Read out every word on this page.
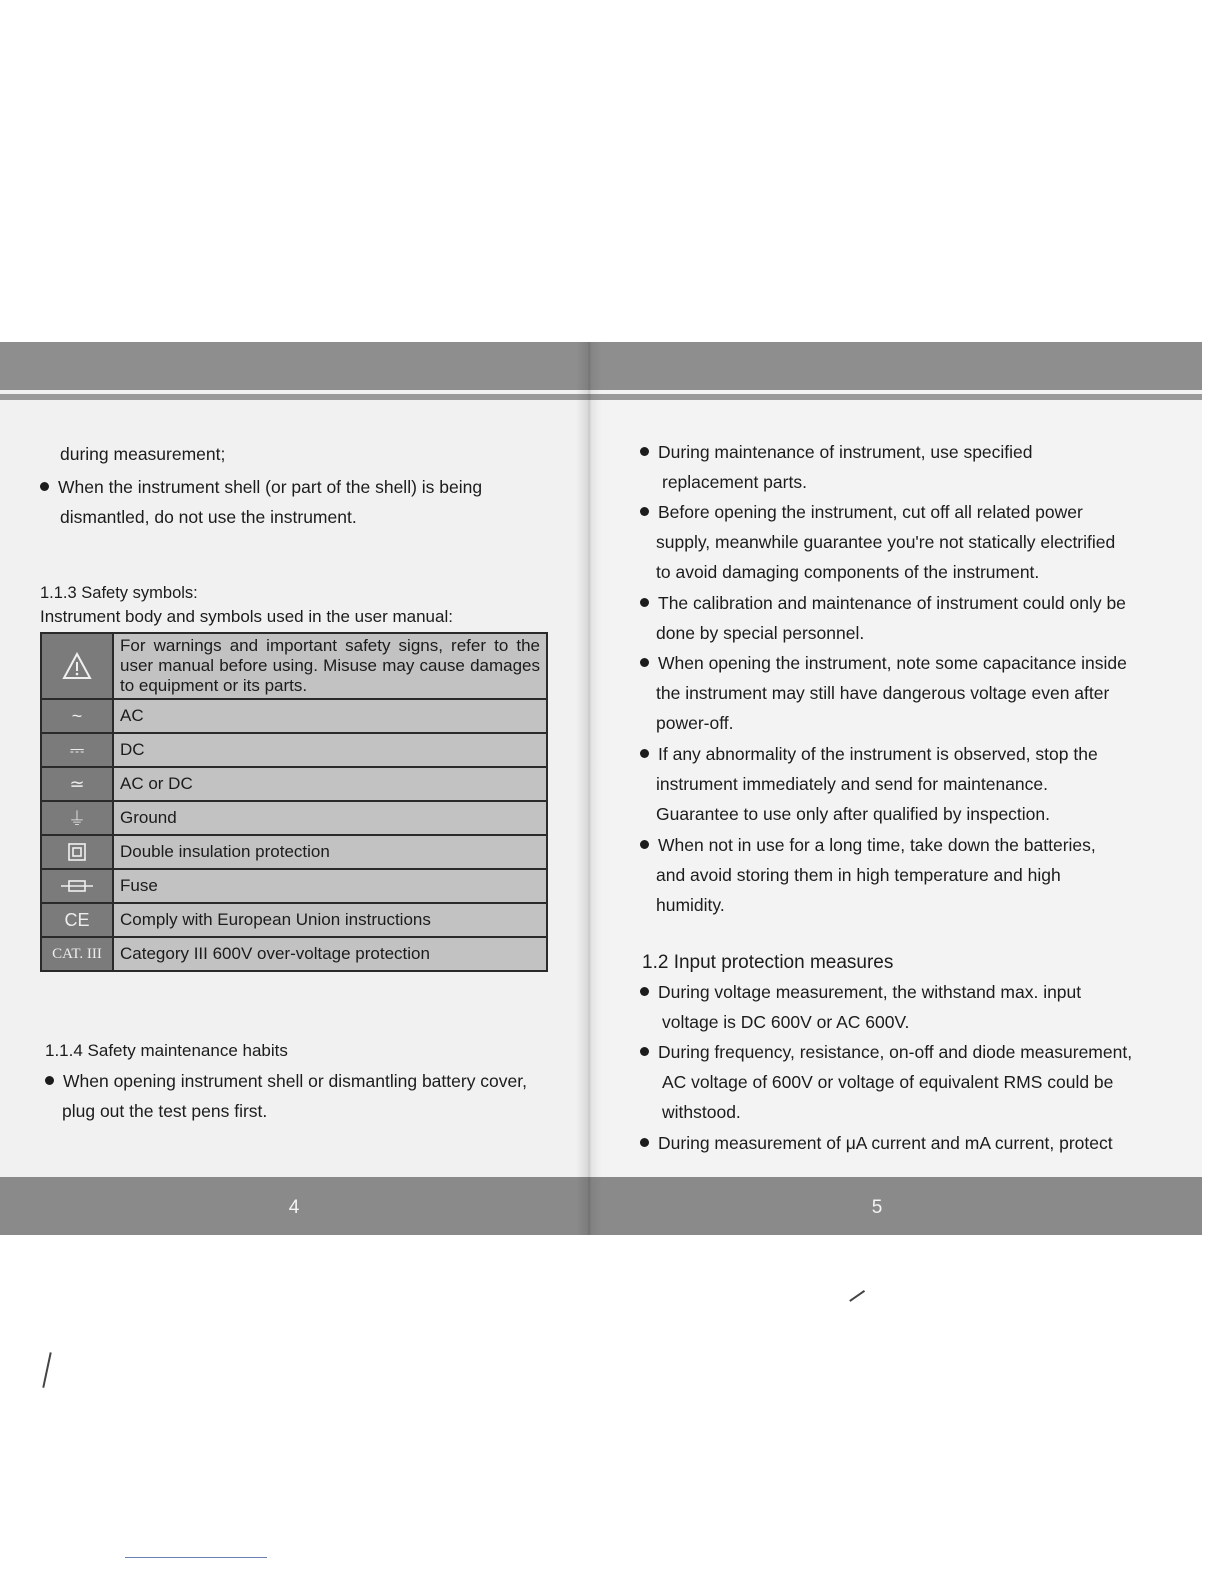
during measurement;

When the instrument shell (or part of the shell) is being

dismantled, do not use the instrument.

1.1.3 Safety symbols:

Instrument body and symbols used in the user manual:

	For warnings and important safety signs, refer to the user manual before using. Misuse may cause damages to equipment or its parts.
~	AC
⎓	DC
≃	AC or DC
⏚	Ground

	Double insulation protection

	Fuse
CE	Comply with European Union instructions
CAT. III	Category III 600V over-voltage protection

1.1.4 Safety maintenance habits

When opening instrument shell or dismantling battery cover,

plug out the test pens first.

4
During maintenance of instrument, use specified

replacement parts.

Before opening the instrument, cut off all related power

supply, meanwhile guarantee you're not statically electrified

to avoid damaging components of the instrument.

The calibration and maintenance of instrument could only be

done by special personnel.

When opening the instrument, note some capacitance inside

the instrument may still have dangerous voltage even after

power-off.

If any abnormality of the instrument is observed, stop the

instrument immediately and send for maintenance.

Guarantee to use only after qualified by inspection.

When not in use for a long time, take down the batteries,

and avoid storing them in high temperature and high

humidity.

1.2 Input protection measures

During voltage measurement, the withstand max. input

voltage is DC 600V or AC 600V.

During frequency, resistance, on-off and diode measurement,

AC voltage of 600V or voltage of equivalent RMS could be

withstood.

During measurement of μA current and mA current, protect
5
